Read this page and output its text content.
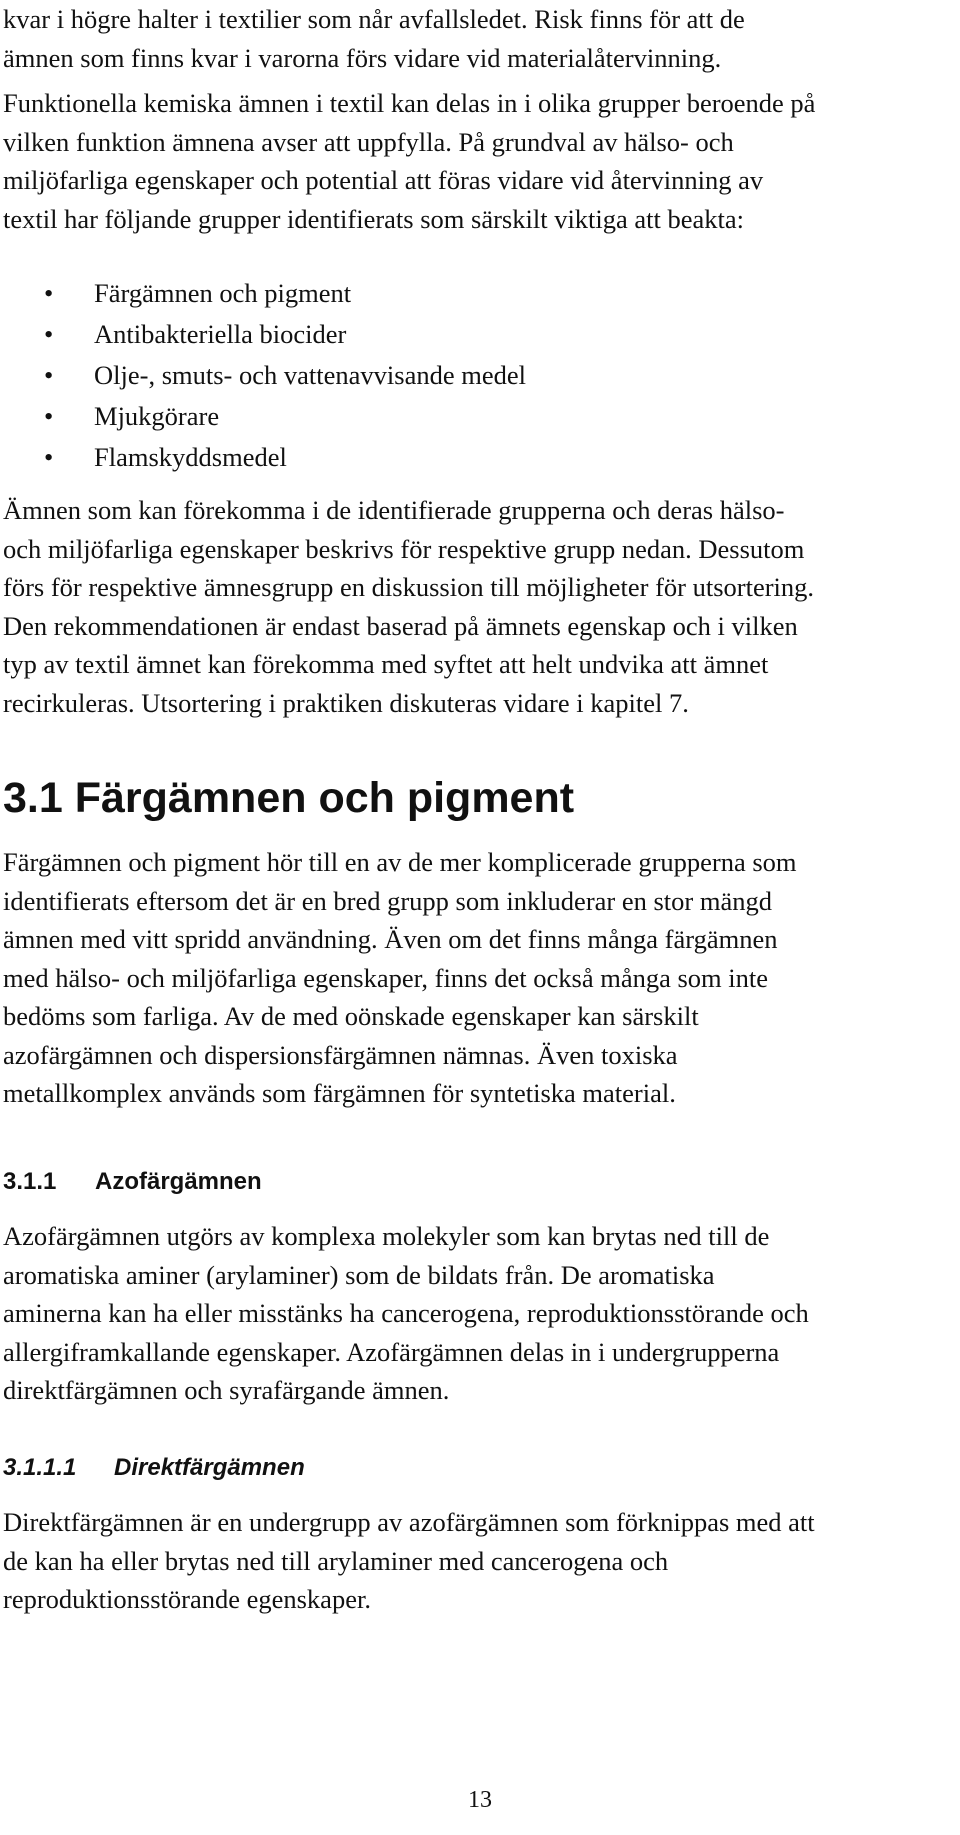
kvar i högre halter i textilier som når avfallsledet. Risk finns för att de
ämnen som finns kvar i varorna förs vidare vid materialåtervinning.

Funktionella kemiska ämnen i textil kan delas in i olika grupper beroende på
vilken funktion ämnena avser att uppfylla. På grundval av hälso- och
miljöfarliga egenskaper och potential att föras vidare vid återvinning av
textil har följande grupper identifierats som särskilt viktiga att beakta:

• Färgämnen och pigment
• Antibakteriella biocider
• Olje-, smuts- och vattenavvisande medel
• Mjukgörare
• Flamskyddsmedel

Ämnen som kan förekomma i de identifierade grupperna och deras hälso-
och miljöfarliga egenskaper beskrivs för respektive grupp nedan. Dessutom
förs för respektive ämnesgrupp en diskussion till möjligheter för utsortering.
Den rekommendationen är endast baserad på ämnets egenskap och i vilken
typ av textil ämnet kan förekomma med syftet att helt undvika att ämnet
recirkuleras. Utsortering i praktiken diskuteras vidare i kapitel 7.

3.1 Färgämnen och pigment

Färgämnen och pigment hör till en av de mer komplicerade grupperna som
identifierats eftersom det är en bred grupp som inkluderar en stor mängd
ämnen med vitt spridd användning. Även om det finns många färgämnen
med hälso- och miljöfarliga egenskaper, finns det också många som inte
bedöms som farliga. Av de med oönskade egenskaper kan särskilt
azofärgämnen och dispersionsfärgämnen nämnas. Även toxiska
metallkomplex används som färgämnen för syntetiska material.

3.1.1 Azofärgämnen

Azofärgämnen utgörs av komplexa molekyler som kan brytas ned till de
aromatiska aminer (arylaminer) som de bildats från. De aromatiska
aminerna kan ha eller misstänks ha cancerogena, reproduktionsstörande och
allergiframkallande egenskaper. Azofärgämnen delas in i undergrupperna
direktfärgämnen och syrafärgande ämnen.

3.1.1.1 Direktfärgämnen

Direktfärgämnen är en undergrupp av azofärgämnen som förknippas med att
de kan ha eller brytas ned till arylaminer med cancerogena och
reproduktionsstörande egenskaper.

13
